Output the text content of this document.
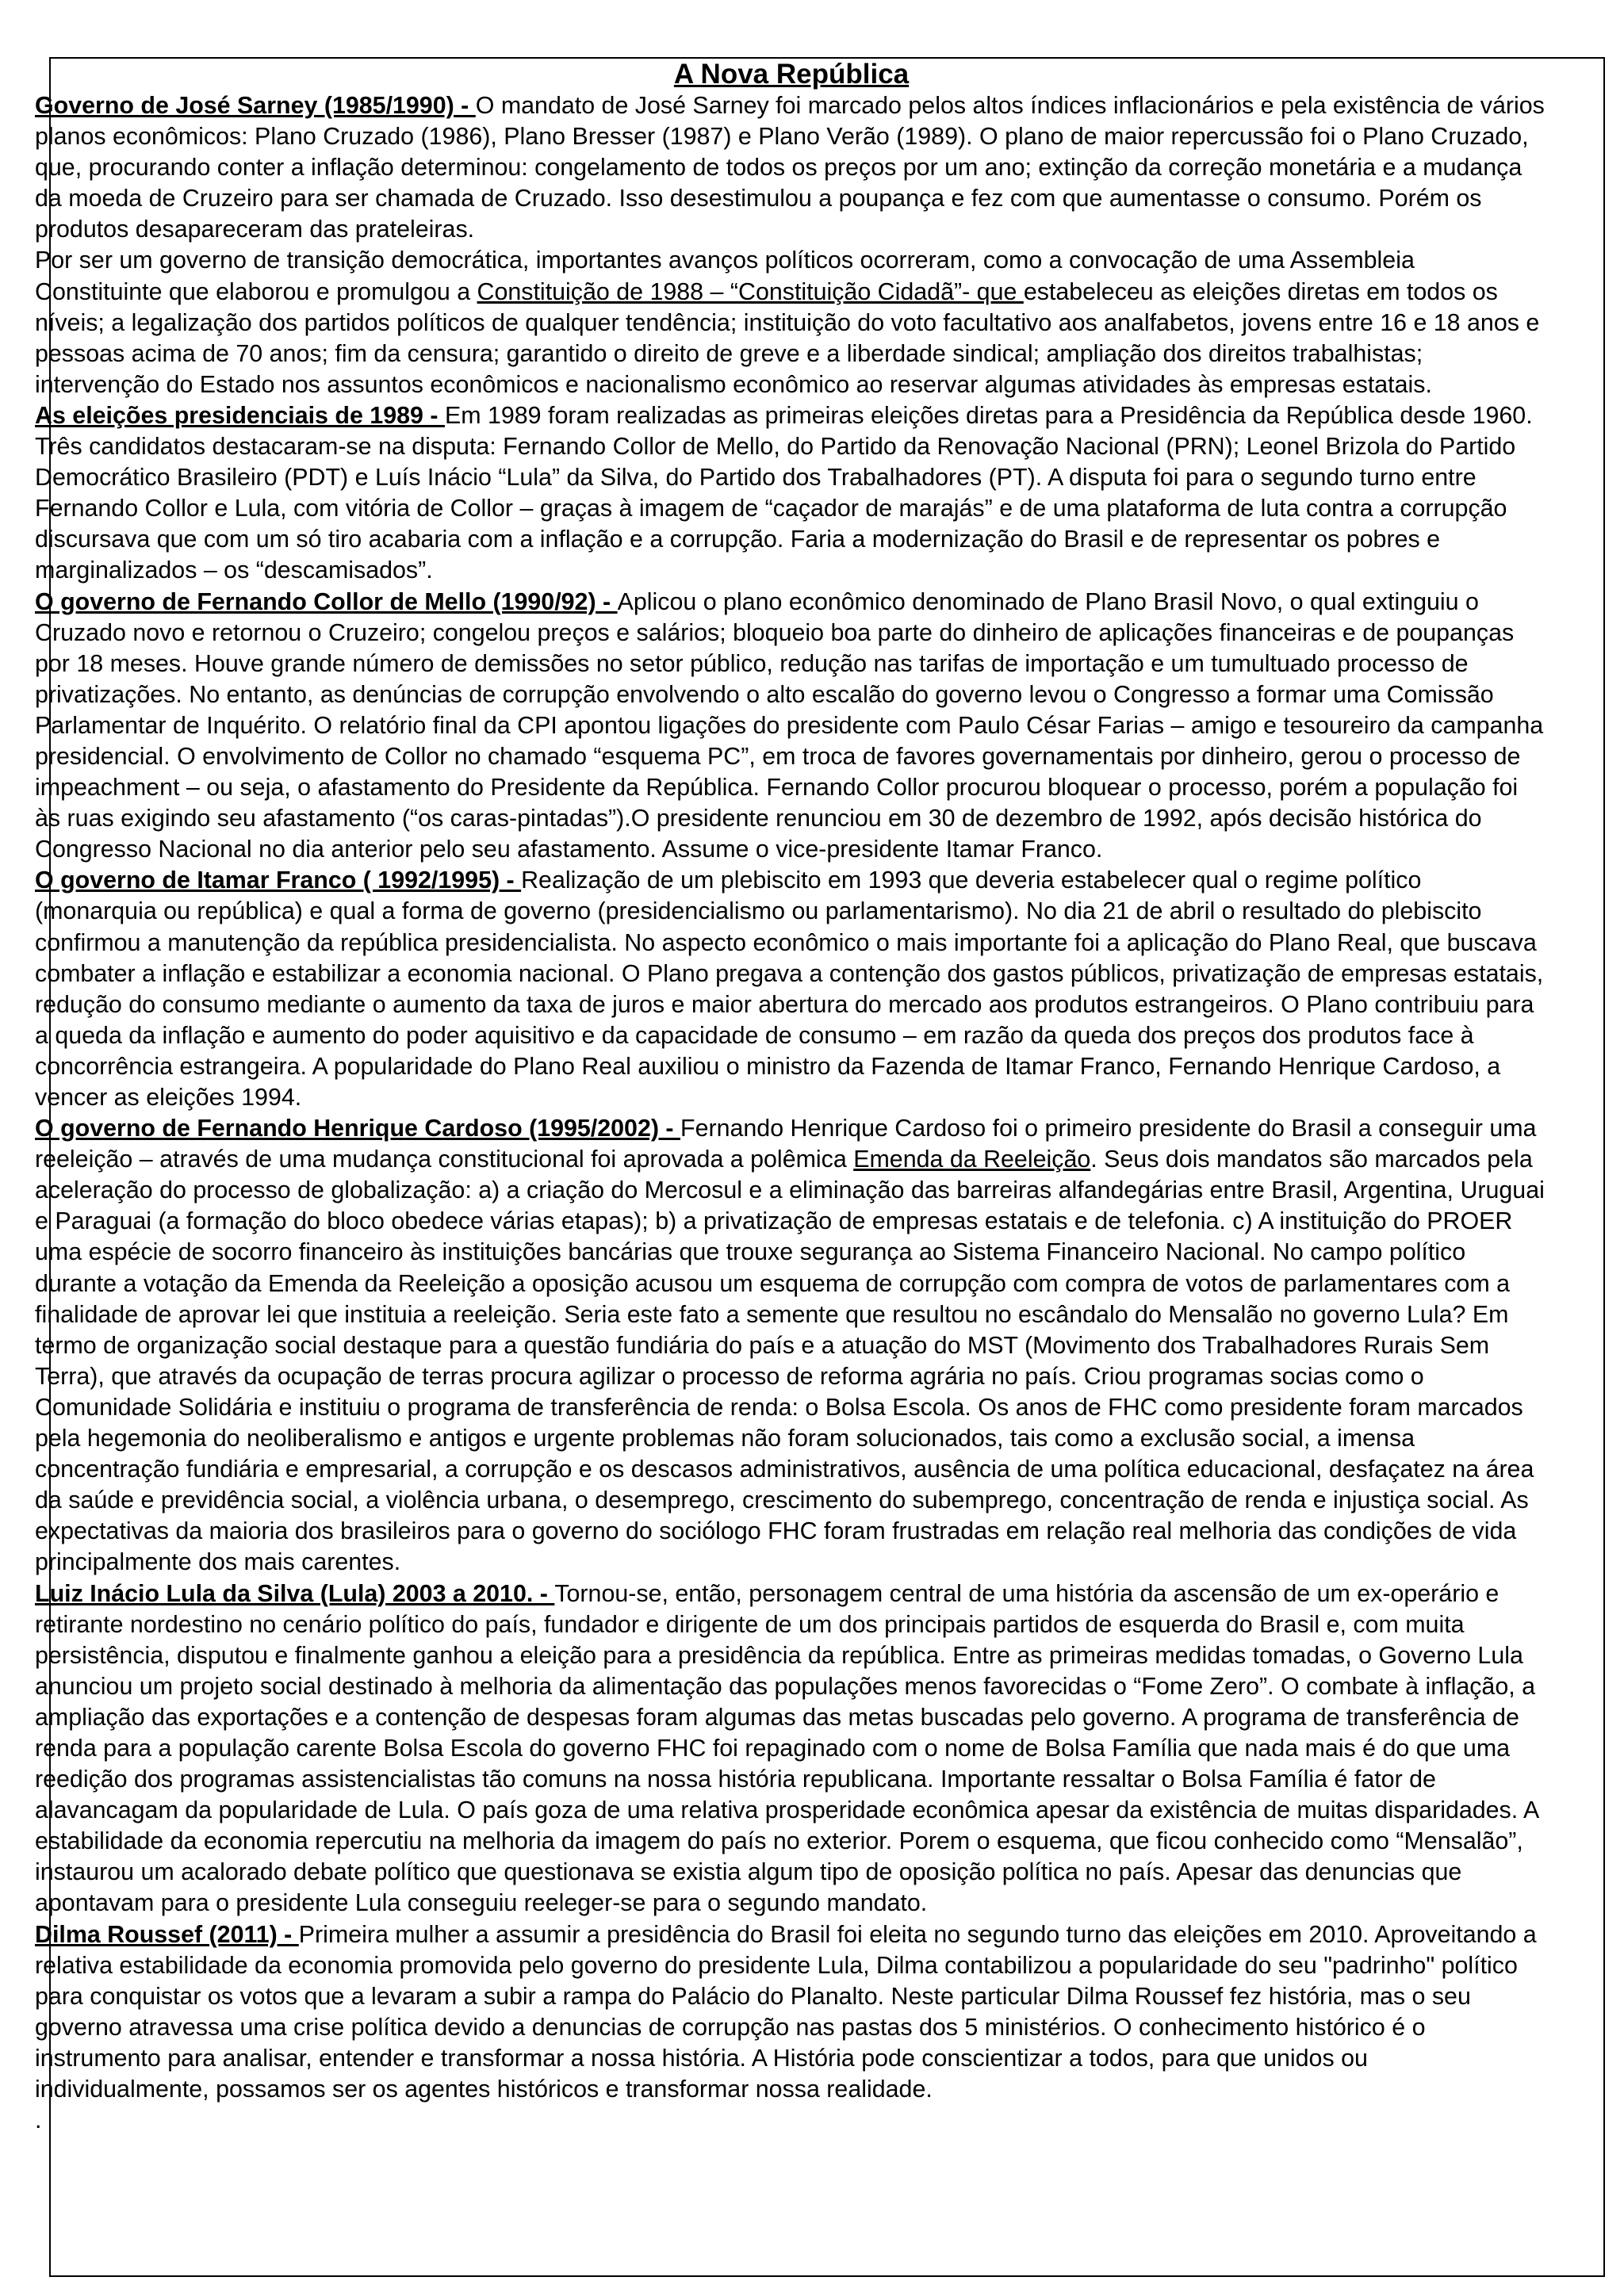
A Nova República

Governo de José Sarney (1985/1990) - O mandato de José Sarney foi marcado pelos altos índices inflacionários e pela existência de vários planos econômicos: Plano Cruzado (1986), Plano Bresser (1987) e Plano Verão (1989). O plano de maior repercussão foi o Plano Cruzado, que, procurando conter a inflação determinou: congelamento de todos os preços por um ano; extinção da correção monetária e a mudança da moeda de Cruzeiro para ser chamada de Cruzado. Isso desestimulou a poupança e fez com que aumentasse o consumo. Porém os produtos desapareceram das prateleiras.

Por ser um governo de transição democrática, importantes avanços políticos ocorreram, como a convocação de uma Assembleia Constituinte que elaborou e promulgou a Constituição de 1988 – “Constituição Cidadã”- que estabeleceu as eleições diretas em todos os níveis; a legalização dos partidos políticos de qualquer tendência; instituição do voto facultativo aos analfabetos, jovens entre 16 e 18 anos e pessoas acima de 70 anos; fim da censura; garantido o direito de greve e a liberdade sindical; ampliação dos direitos trabalhistas; intervenção do Estado nos assuntos econômicos e nacionalismo econômico ao reservar algumas atividades às empresas estatais.

As eleições presidenciais de 1989 - Em 1989 foram realizadas as primeiras eleições diretas para a Presidência da República desde 1960. Três candidatos destacaram-se na disputa: Fernando Collor de Mello, do Partido da Renovação Nacional (PRN); Leonel Brizola do Partido Democrático Brasileiro (PDT) e Luís Inácio “Lula” da Silva, do Partido dos Trabalhadores (PT). A disputa foi para o segundo turno entre Fernando Collor e Lula, com vitória de Collor – graças à imagem de “caçador de marajás” e de uma plataforma de luta contra a corrupção discursava que com um só tiro acabaria com a inflação e a corrupção. Faria a modernização do Brasil e de representar os pobres e marginalizados – os “descamisados”.

O governo de Fernando Collor de Mello (1990/92) - Aplicou o plano econômico denominado de Plano Brasil Novo, o qual extinguiu o Cruzado novo e retornou o Cruzeiro; congelou preços e salários; bloqueio boa parte do dinheiro de aplicações financeiras e de poupanças por 18 meses. Houve grande número de demissões no setor público, redução nas tarifas de importação e um tumultuado processo de privatizações. No entanto, as denúncias de corrupção envolvendo o alto escalão do governo levou o Congresso a formar uma Comissão Parlamentar de Inquérito. O relatório final da CPI apontou ligações do presidente com Paulo César Farias – amigo e tesoureiro da campanha presidencial. O envolvimento de Collor no chamado “esquema PC”, em troca de favores governamentais por dinheiro, gerou o processo de impeachment – ou seja, o afastamento do Presidente da República. Fernando Collor procurou bloquear o processo, porém a população foi às ruas exigindo seu afastamento (“os caras-pintadas”).O presidente renunciou em 30 de dezembro de 1992, após decisão histórica do Congresso Nacional no dia anterior pelo seu afastamento. Assume o vice-presidente Itamar Franco.

O governo de Itamar Franco ( 1992/1995) - Realização de um plebiscito em 1993 que deveria estabelecer qual o regime político (monarquia ou república) e qual a forma de governo (presidencialismo ou parlamentarismo). No dia 21 de abril o resultado do plebiscito confirmou a manutenção da república presidencialista. No aspecto econômico o mais importante foi a aplicação do Plano Real, que buscava combater a inflação e estabilizar a economia nacional. O Plano pregava a contenção dos gastos públicos, privatização de empresas estatais, redução do consumo mediante o aumento da taxa de juros e maior abertura do mercado aos produtos estrangeiros. O Plano contribuiu para a queda da inflação e aumento do poder aquisitivo e da capacidade de consumo – em razão da queda dos preços dos produtos face à concorrência estrangeira. A popularidade do Plano Real auxiliou o ministro da Fazenda de Itamar Franco, Fernando Henrique Cardoso, a vencer as eleições 1994.

O governo de Fernando Henrique Cardoso (1995/2002) - Fernando Henrique Cardoso foi o primeiro presidente do Brasil a conseguir uma reeleição – através de uma mudança constitucional foi aprovada a polêmica Emenda da Reeleição. Seus dois mandatos são marcados pela aceleração do processo de globalização: a) a criação do Mercosul e a eliminação das barreiras alfandegárias entre Brasil, Argentina, Uruguai e Paraguai (a formação do bloco obedece várias etapas); b) a privatização de empresas estatais e de telefonia. c) A instituição do PROER uma espécie de socorro financeiro às instituições bancárias que trouxe segurança ao Sistema Financeiro Nacional. No campo político durante a votação da Emenda da Reeleição a oposição acusou um esquema de corrupção com compra de votos de parlamentares com a finalidade de aprovar lei que instituia a reeleição. Seria este fato a semente que resultou no escândalo do Mensalão no governo Lula? Em termo de organização social destaque para a questão fundiária do país e a atuação do MST (Movimento dos Trabalhadores Rurais Sem Terra), que através da ocupação de terras procura agilizar o processo de reforma agrária no país. Criou programas socias como o Comunidade Solidária e instituiu o programa de transferência de renda: o Bolsa Escola. Os anos de FHC como presidente foram marcados pela hegemonia do neoliberalismo e antigos e urgente problemas não foram solucionados, tais como a exclusão social, a imensa concentração fundiária e empresarial, a corrupção e os descasos administrativos, ausência de uma política educacional, desfaçatez na área da saúde e previdência social, a violência urbana, o desemprego, crescimento do subemprego, concentração de renda e injustiça social. As expectativas da maioria dos brasileiros para o governo do sociólogo FHC foram frustradas em relação real melhoria das condições de vida principalmente dos mais carentes.

Luiz Inácio Lula da Silva (Lula) 2003 a 2010. - Tornou-se, então, personagem central de uma história da ascensão de um ex-operário e retirante nordestino no cenário político do país, fundador e dirigente de um dos principais partidos de esquerda do Brasil e, com muita persistência, disputou e finalmente ganhou a eleição para a presidência da república. Entre as primeiras medidas tomadas, o Governo Lula anunciou um projeto social destinado à melhoria da alimentação das populações menos favorecidas o “Fome Zero”. O combate à inflação, a ampliação das exportações e a contenção de despesas foram algumas das metas buscadas pelo governo. A programa de transferência de renda para a população carente Bolsa Escola do governo FHC foi repaginado com o nome de Bolsa Família que nada mais é do que uma reedição dos programas assistencialistas tão comuns na nossa história republicana. Importante ressaltar o Bolsa Família é fator de alavancagam da popularidade de Lula. O país goza de uma relativa prosperidade econômica apesar da existência de muitas disparidades. A estabilidade da economia repercutiu na melhoria da imagem do país no exterior. Porem o esquema, que ficou conhecido como “Mensalão”, instaurou um acalorado debate político que questionava se existia algum tipo de oposição política no país. Apesar das denuncias que apontavam para o presidente Lula conseguiu reeleger-se para o segundo mandato.

Dilma Roussef (2011) - Primeira mulher a assumir a presidência do Brasil foi eleita no segundo turno das eleições em 2010. Aproveitando a relativa estabilidade da economia promovida pelo governo do presidente Lula, Dilma contabilizou a popularidade do seu "padrinho" político para conquistar os votos que a levaram a subir a rampa do Palácio do Planalto. Neste particular Dilma Roussef fez história, mas o seu governo atravessa uma crise política devido a denuncias de corrupção nas pastas dos 5 ministérios. O conhecimento histórico é o instrumento para analisar, entender e transformar a nossa história. A História pode conscientizar a todos, para que unidos ou individualmente, possamos ser os agentes históricos e transformar nossa realidade.

.
